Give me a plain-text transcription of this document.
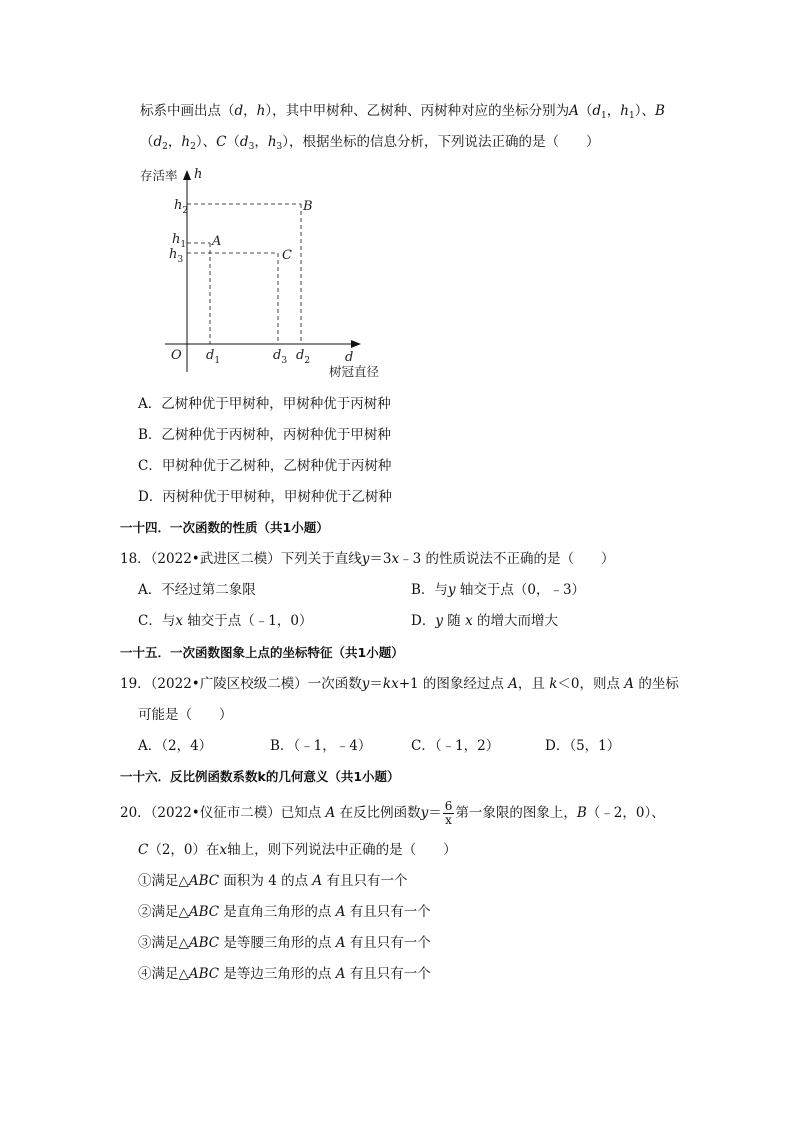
标系中画出点（d，h），其中甲树种、乙树种、丙树种对应的坐标分别为$A(d_1$，$h_1$）、B
（$d_2$，$h_2$）、$C(d_3$，$h_3$），根据坐标的信息分析，下列说法正确的是（　　）
存活率 h
O	d
树冠直径
$h_2$
$h_1$
$h_3$
$d_1$	$d_3$ $d_2$
B
A
C
A．乙树种优于甲树种，甲树种优于丙树种
B．乙树种优于丙树种，丙树种优于甲树种
C．甲树种优于乙树种，乙树种优于丙树种
D．丙树种优于甲树种，甲树种优于乙树种
一十四．一次函数的性质（共1小题）
18．（2022•武进区二模）下列关于直线y＝3x﹣3 的性质说法不正确的是（　　）
A．不经过第二象限	B．与y 轴交于点（0，﹣3）
C．与x 轴交于点（﹣1，0）	D．y 随 x 的增大而增大
一十五．一次函数图象上点的坐标特征（共1小题）
19．（2022•广陵区校级二模）一次函数y＝kx+1 的图象经过点 A，且 k＜0，则点 A 的坐标
可能是（　　）
A．（2，4）	B．（﹣1，﹣4）	C．（﹣1，2）	D．（5，1）
一十六．反比例函数系数k的几何意义（共1小题）
20．（2022•仪征市二模）已知点 A 在反比例函数$y= \frac{6}{x}$ 第一象限的图象上，B（﹣2，0）、
C（2，0）在x轴上，则下列说法中正确的是（　　）
①满足△ABC 面积为 4 的点 A 有且只有一个
②满足△ABC 是直角三角形的点 A 有且只有一个
③满足△ABC 是等腰三角形的点 A 有且只有一个
④满足△ABC 是等边三角形的点 A 有且只有一个
